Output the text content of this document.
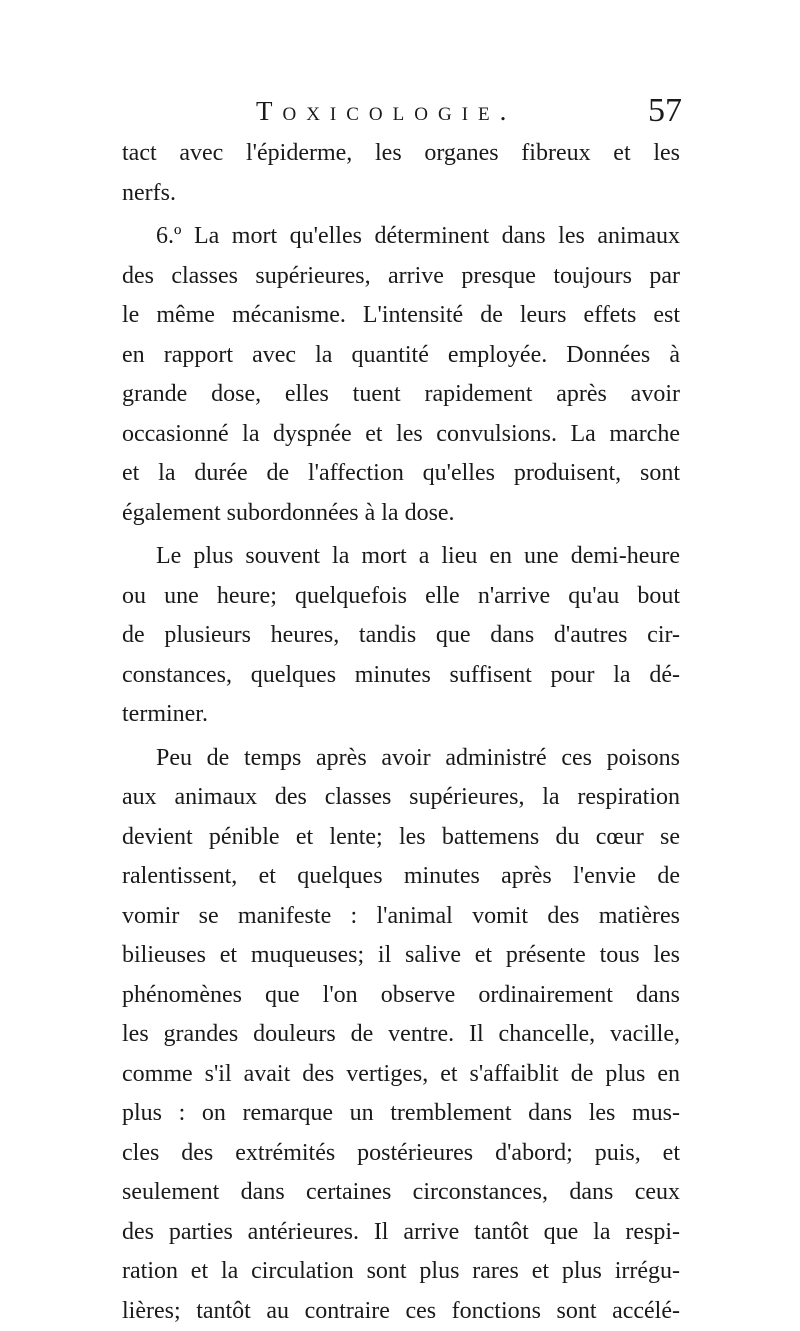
Toxicologie.	57
tact avec l'épiderme, les organes fibreux et les
nerfs.
6.º La mort qu'elles déterminent dans les animaux
des classes supérieures, arrive presque toujours par
le même mécanisme. L'intensité de leurs effets est
en rapport avec la quantité employée. Données à
grande dose, elles tuent rapidement après avoir
occasionné la dyspnée et les convulsions. La marche
et la durée de l'affection qu'elles produisent, sont
également subordonnées à la dose.
Le plus souvent la mort a lieu en une demi-heure
ou une heure; quelquefois elle n'arrive qu'au bout
de plusieurs heures, tandis que dans d'autres cir-
constances, quelques minutes suffisent pour la dé-
terminer.
Peu de temps après avoir administré ces poisons
aux animaux des classes supérieures, la respiration
devient pénible et lente; les battemens du cœur se
ralentissent, et quelques minutes après l'envie de
vomir se manifeste : l'animal vomit des matières
bilieuses et muqueuses; il salive et présente tous les
phénomènes que l'on observe ordinairement dans
les grandes douleurs de ventre. Il chancelle, vacille,
comme s'il avait des vertiges, et s'affaiblit de plus en
plus : on remarque un tremblement dans les mus-
cles des extrémités postérieures d'abord; puis, et
seulement dans certaines circonstances, dans ceux
des parties antérieures. Il arrive tantôt que la respi-
ration et la circulation sont plus rares et plus irrégu-
lières; tantôt au contraire ces fonctions sont accélé-
